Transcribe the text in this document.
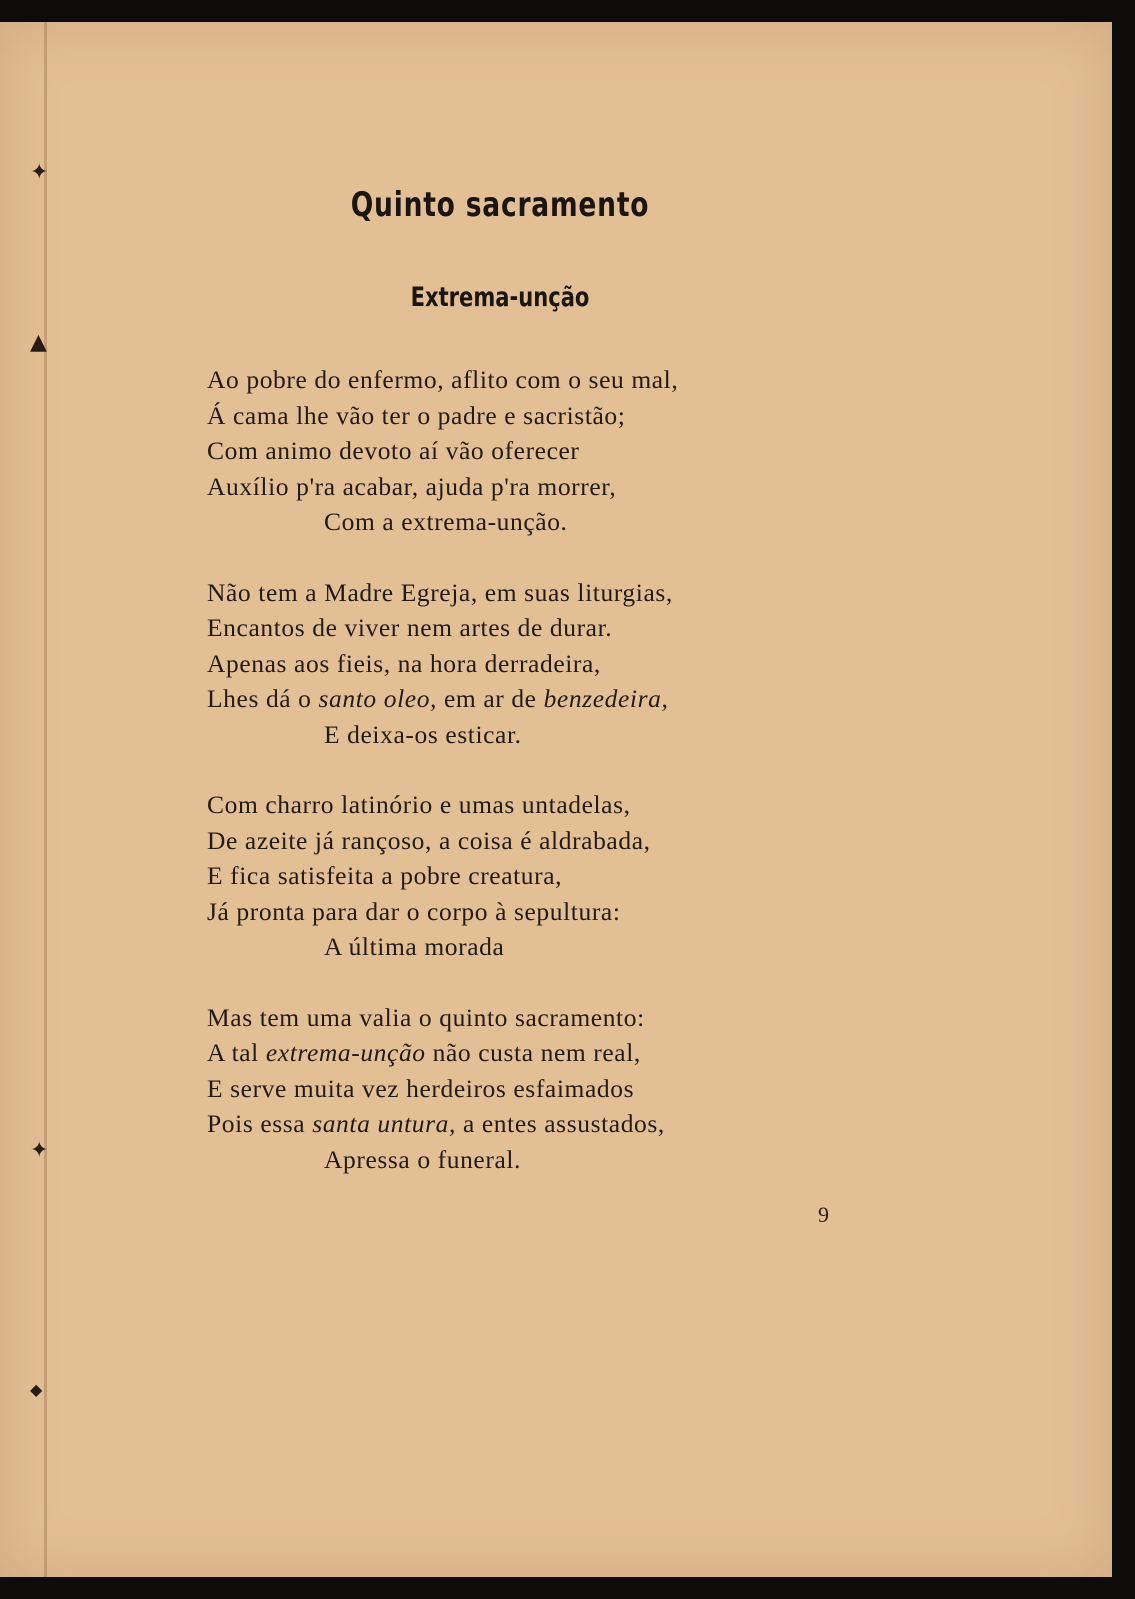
✦
▲
✦
◆
Quinto sacramento
Extrema-unção
Ao pobre do enfermo, aflito com o seu mal,
Á cama lhe vão ter o padre e sacristão;
Com animo devoto aí vão oferecer
Auxílio p'ra acabar, ajuda p'ra morrer,
Com a extrema-unção.
Não tem a Madre Egreja, em suas liturgias,
Encantos de viver nem artes de durar.
Apenas aos fieis, na hora derradeira,
Lhes dá o santo oleo, em ar de benzedeira,
E deixa-os esticar.
Com charro latinório e umas untadelas,
De azeite já rançoso, a coisa é aldrabada,
E fica satisfeita a pobre creatura,
Já pronta para dar o corpo à sepultura:
A última morada
Mas tem uma valia o quinto sacramento:
A tal extrema-unção não custa nem real,
E serve muita vez herdeiros esfaimados
Pois essa santa untura, a entes assustados,
Apressa o funeral.
9
